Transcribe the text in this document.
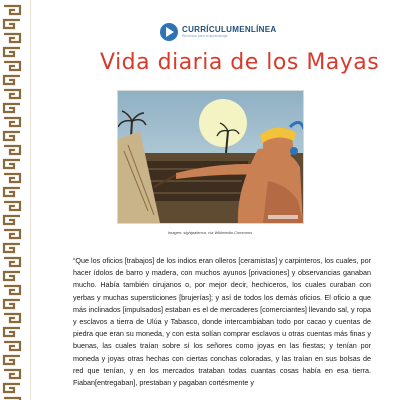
CURRÍCULUMENLÍNEA
Recursos para el aprendizaje
Vida diaria de los Mayas
Imagen: sightpalenca, vía Wikimedia Commons
“Que los oficios [trabajos] de los indios eran olleros [ceramistas] y carpinteros, los cuales, por hacer ídolos de barro y madera, con muchos ayunos [privaciones] y observancias ganaban mucho. Había también cirujanos o, por mejor decir, hechiceros, los cuales curaban con yerbas y muchas supersticiones [brujerías]; y así de todos los demás oficios. El oficio a que más inclinados [impulsados] estaban es el de mercaderes [comerciantes] llevando sal, y ropa y esclavos a tierra de Ulúa y Tabasco, donde intercambiaban todo por cacao y cuentas de piedra que eran su moneda, y con esta solían comprar esclavos u otras cuentas más finas y buenas, las cuales traían sobre sí los señores como joyas en las fiestas; y tenían por moneda y joyas otras hechas con ciertas conchas coloradas, y las traían en sus bolsas de red que tenían, y en los mercados trataban todas cuantas cosas había en esa tierra. Fiaban[entregaban], prestaban y pagaban cortésmente y
